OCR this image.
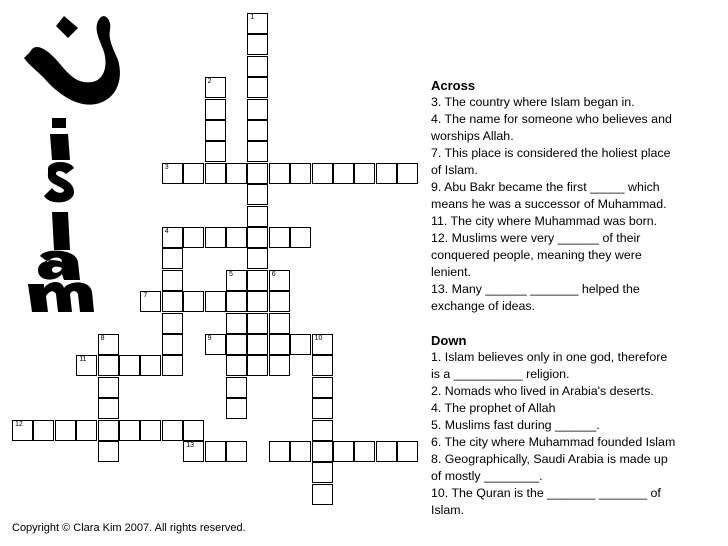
1
2
3
4
5	6
7
8	9	10
11
12
13
Across
3. The country where Islam began in.
4. The name for someone who believes and
worships Allah.
7. This place is considered the holiest place
of Islam.
9. Abu Bakr became the first _____ which
means he was a successor of Muhammad.
11. The city where Muhammad was born.
12. Muslims were very ______ of their
conquered people, meaning they were
lenient.
13. Many ______ _______ helped the
exchange of ideas.
Down
1. Islam believes only in one god, therefore
is a __________ religion.
2. Nomads who lived in Arabia's deserts.
4. The prophet of Allah
5. Muslims fast during ______.
6. The city where Muhammad founded Islam
8. Geographically, Saudi Arabia is made up
of mostly ________.
10. The Quran is the _______ _______ of
Islam.
Copyright © Clara Kim 2007. All rights reserved.
